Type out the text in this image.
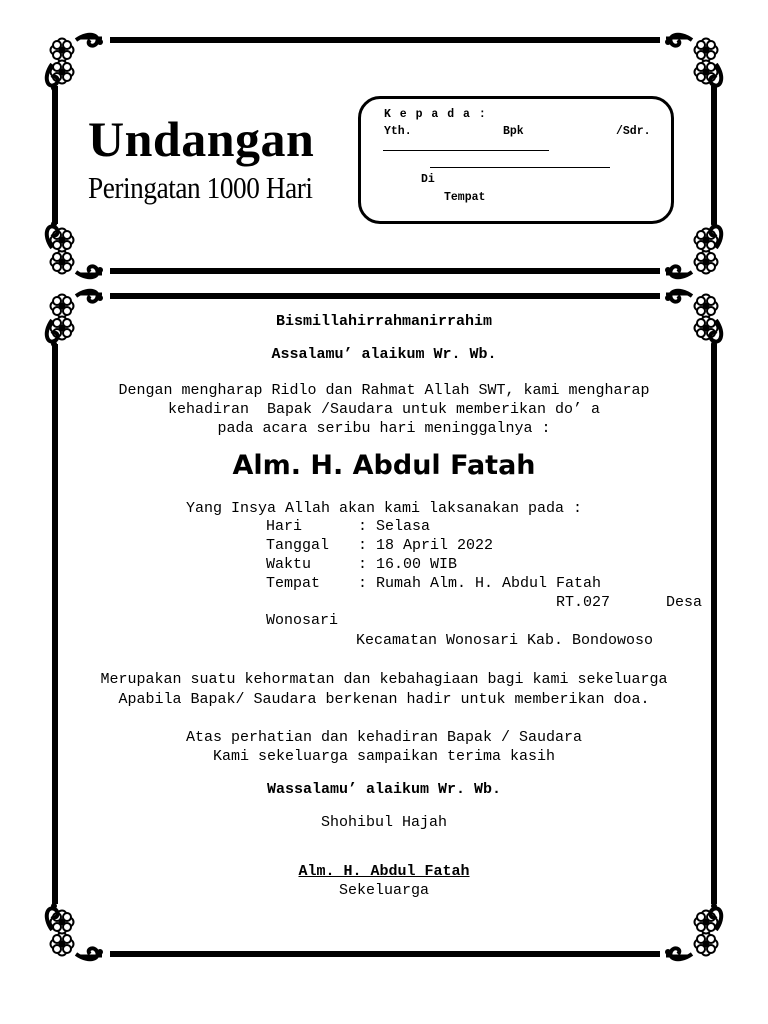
Undangan
Peringatan 1000 Hari
K e p a d a :
Yth.	Bpk	/Sdr.
Di
Tempat
Bismillahirrahmanirrahim
Assalamu’ alaikum Wr. Wb.
Dengan mengharap Ridlo dan Rahmat Allah SWT, kami mengharap
kehadiran  Bapak /Saudara untuk memberikan do’ a
pada acara seribu hari meninggalnya :
Alm. H. Abdul Fatah
Yang Insya Allah akan kami laksanakan pada :
Hari	: Selasa
Tanggal : 18 April 2022
Waktu	: 16.00 WIB
Tempat	: Rumah Alm. H. Abdul Fatah
RT.027	Desa
Wonosari
Kecamatan Wonosari Kab. Bondowoso
Merupakan suatu kehormatan dan kebahagiaan bagi kami sekeluarga
Apabila Bapak/ Saudara berkenan hadir untuk memberikan doa.
Atas perhatian dan kehadiran Bapak / Saudara
Kami sekeluarga sampaikan terima kasih
Wassalamu’ alaikum Wr. Wb.
Shohibul Hajah
Alm. H. Abdul Fatah
Sekeluarga
